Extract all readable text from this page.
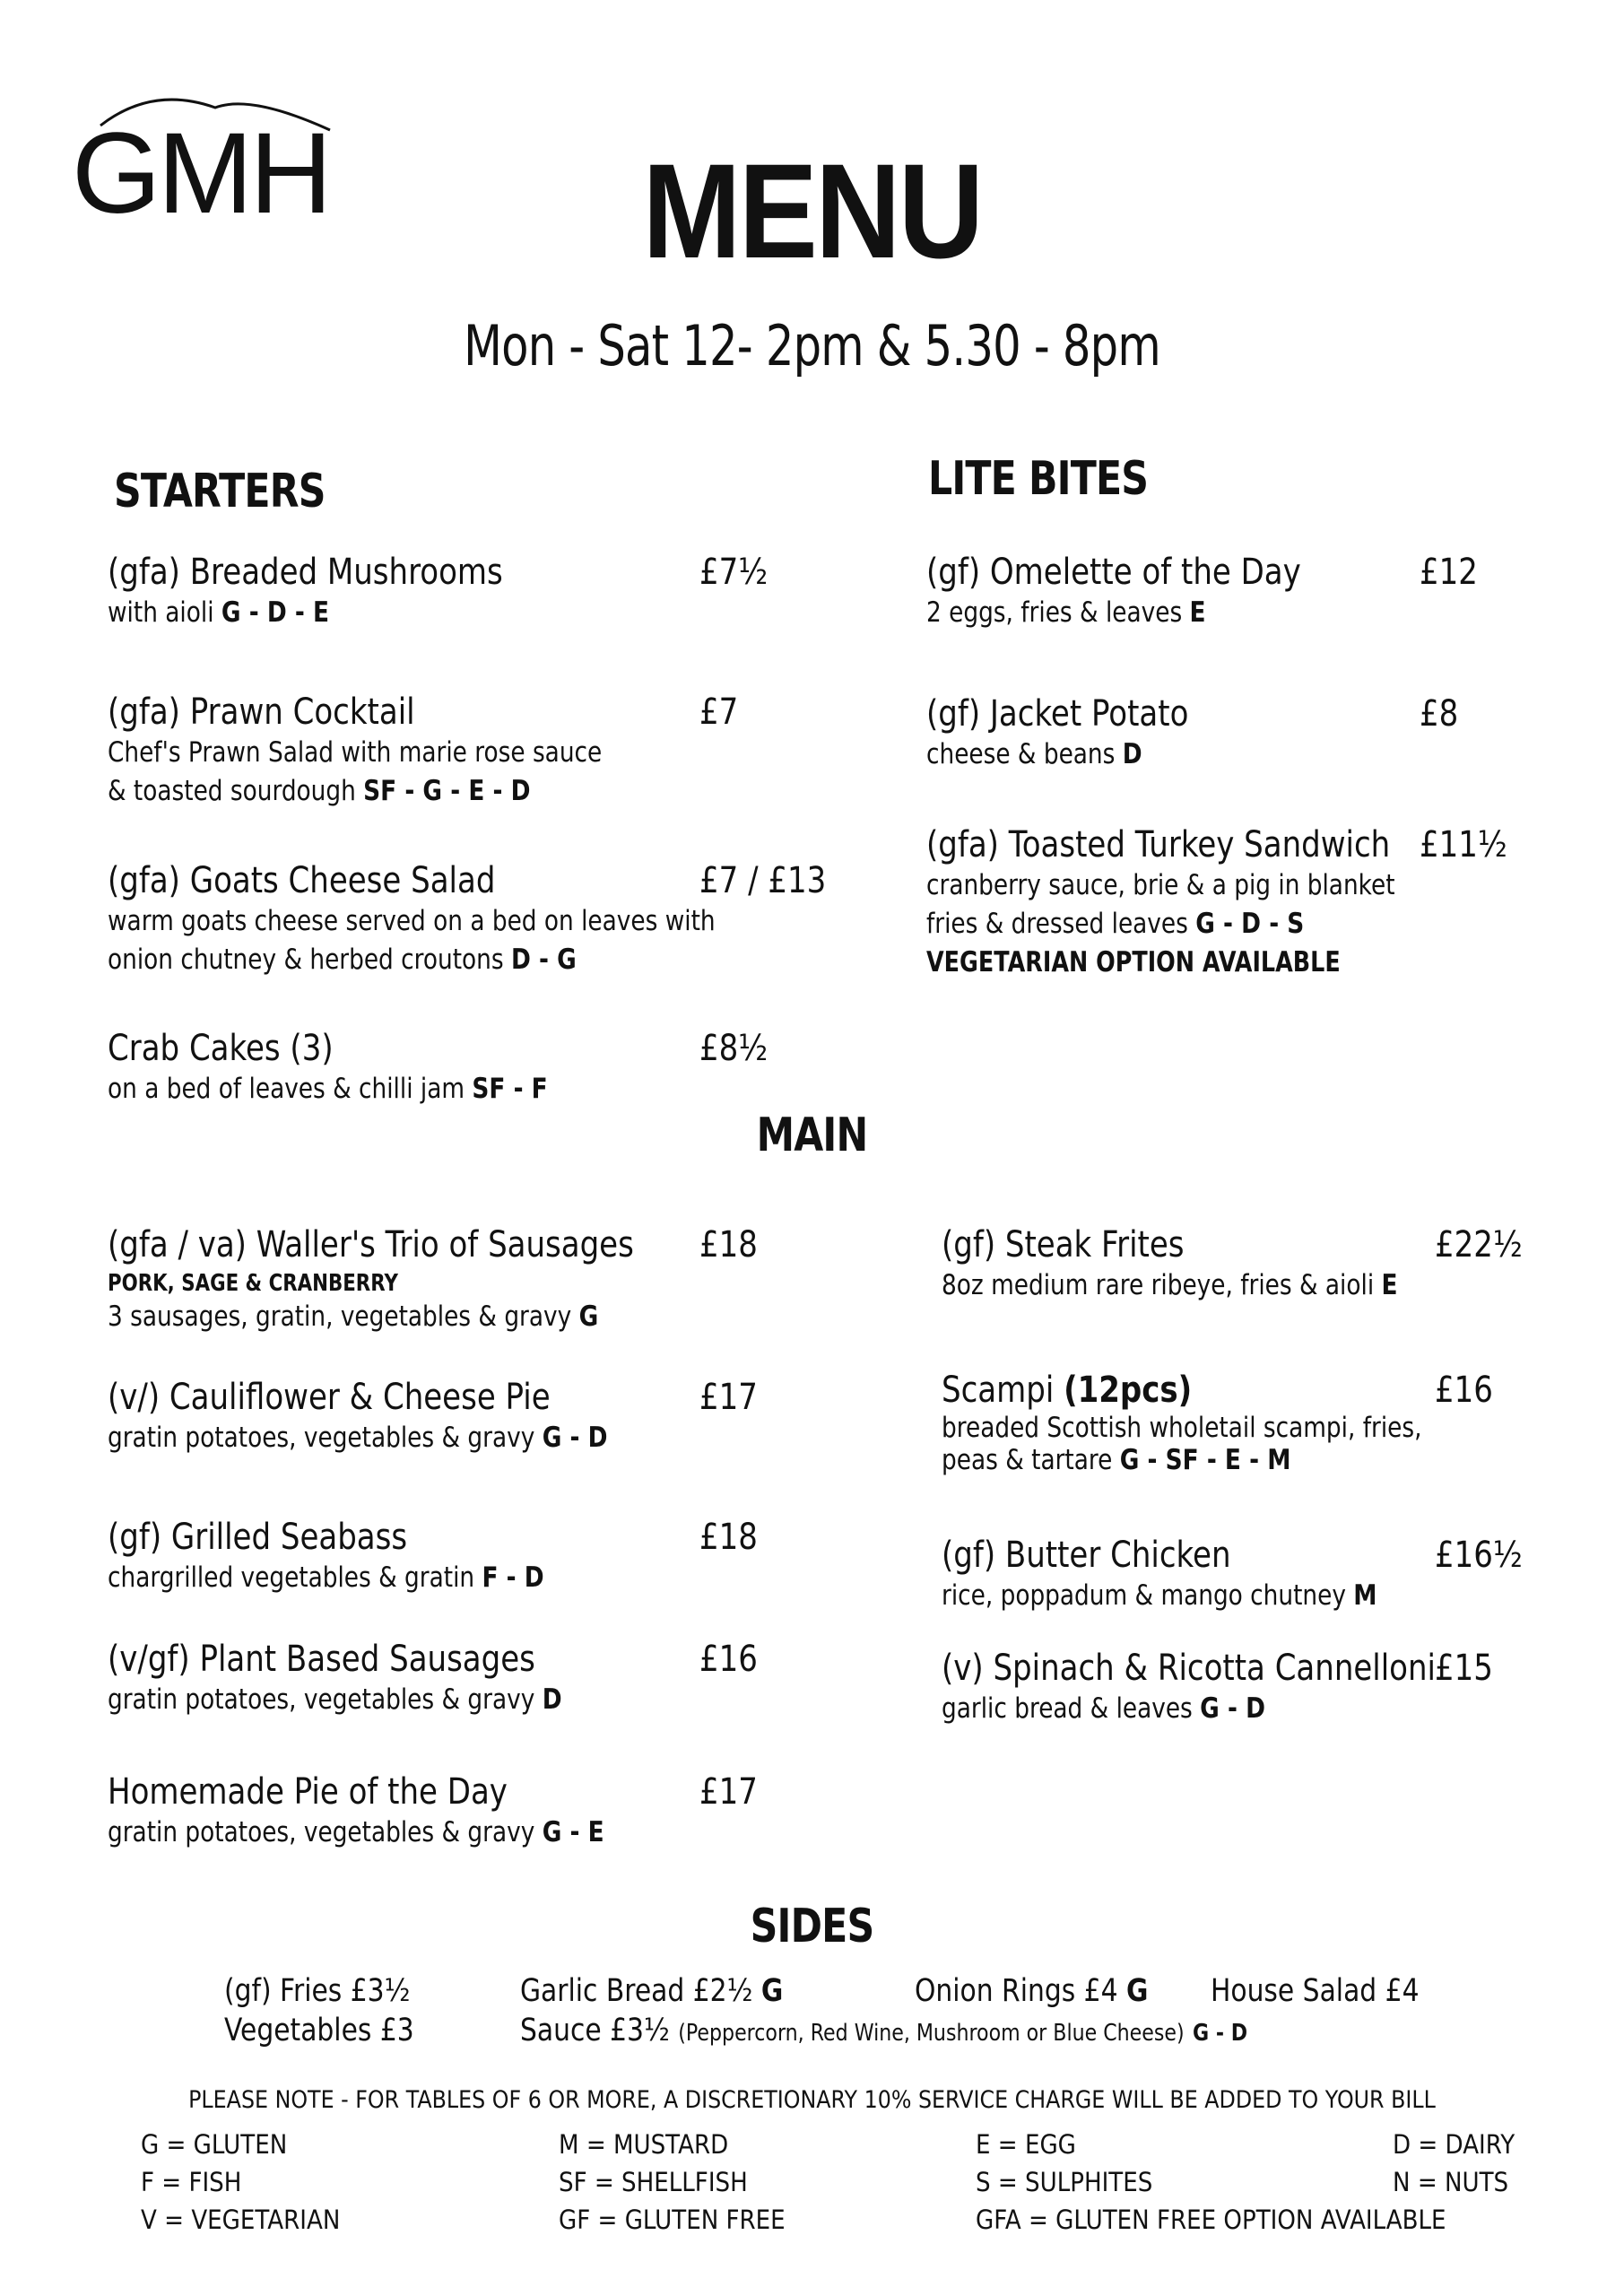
GMH	MENU
Mon - Sat 12- 2pm & 5.30 - 8pm
STARTERS
(gfa) Breaded Mushrooms	£7½
with aioli G - D - E
(gfa) Prawn Cocktail	£7
Chef's Prawn Salad with marie rose sauce
& toasted sourdough SF - G - E - D
(gfa) Goats Cheese Salad	£7 / £13
warm goats cheese served on a bed on leaves with
onion chutney & herbed croutons D - G
Crab Cakes (3)	£8½
on a bed of leaves & chilli jam SF - F
LITE BITES
(gf) Omelette of the Day	£12
2 eggs, fries & leaves E
(gf) Jacket Potato	£8
cheese & beans D
(gfa) Toasted Turkey Sandwich £11½
cranberry sauce, brie & a pig in blanket
fries & dressed leaves G - D - S
VEGETARIAN OPTION AVAILABLE
MAIN
(gfa / va) Waller's Trio of Sausages	£18
PORK, SAGE & CRANBERRY
3 sausages, gratin, vegetables & gravy G
(v/) Cauliflower & Cheese Pie	£17
gratin potatoes, vegetables & gravy G - D
(gf) Grilled Seabass	£18
chargrilled vegetables & gratin F - D
(v/gf) Plant Based Sausages	£16
gratin potatoes, vegetables & gravy D
Homemade Pie of the Day	£17
gratin potatoes, vegetables & gravy G - E
(gf) Steak Frites	£22½
8oz medium rare ribeye, fries & aioli E
Scampi (12pcs)	£16
breaded Scottish wholetail scampi, fries,
peas & tartare G - SF - E - M
(gf) Butter Chicken	£16½
rice, poppadum & mango chutney M
(v) Spinach & Ricotta Cannelloni £15
garlic bread & leaves G - D
SIDES
(gf) Fries £3½	Garlic Bread £2½ G	Onion Rings £4 G House Salad £4
Vegetables £3	Sauce £3½ (Peppercorn, Red Wine, Mushroom or Blue Cheese) G - D
PLEASE NOTE - FOR TABLES OF 6 OR MORE, A DISCRETIONARY 10% SERVICE CHARGE WILL BE ADDED TO YOUR BILL
G = GLUTEN
F = FISH
V = VEGETARIAN
M = MUSTARD
SF = SHELLFISH
GF = GLUTEN FREE
E = EGG
S = SULPHITES
GFA = GLUTEN FREE OPTION AVAILABLE
D = DAIRY
N = NUTS
